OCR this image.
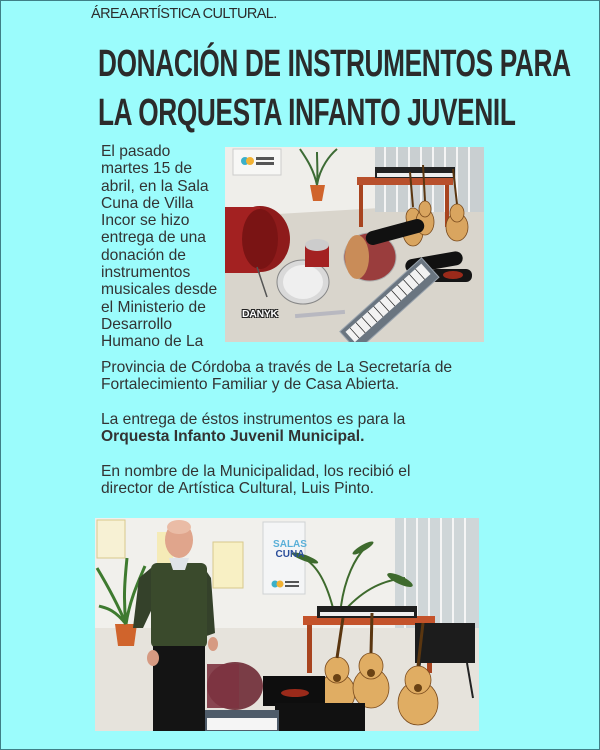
ÁREA ARTÍSTICA CULTURAL.
DONACIÓN DE INSTRUMENTOS PARA
LA ORQUESTA INFANTO JUVENIL
El pasado
martes 15 de
abril, en la Sala
Cuna de Villa
Incor se hizo
entrega de una
donación de
instrumentos
musicales desde
el Ministerio de
Desarrollo
Humano de La
Provincia de Córdoba a través de La Secretaría de
Fortalecimiento Familiar y de Casa Abierta.
La entrega de éstos instrumentos es para la
Orquesta Infanto Juvenil Municipal.
En nombre de la Municipalidad, los recibió el
director de Artística Cultural, Luis Pinto.
DANYK
SALAS
CUNA
